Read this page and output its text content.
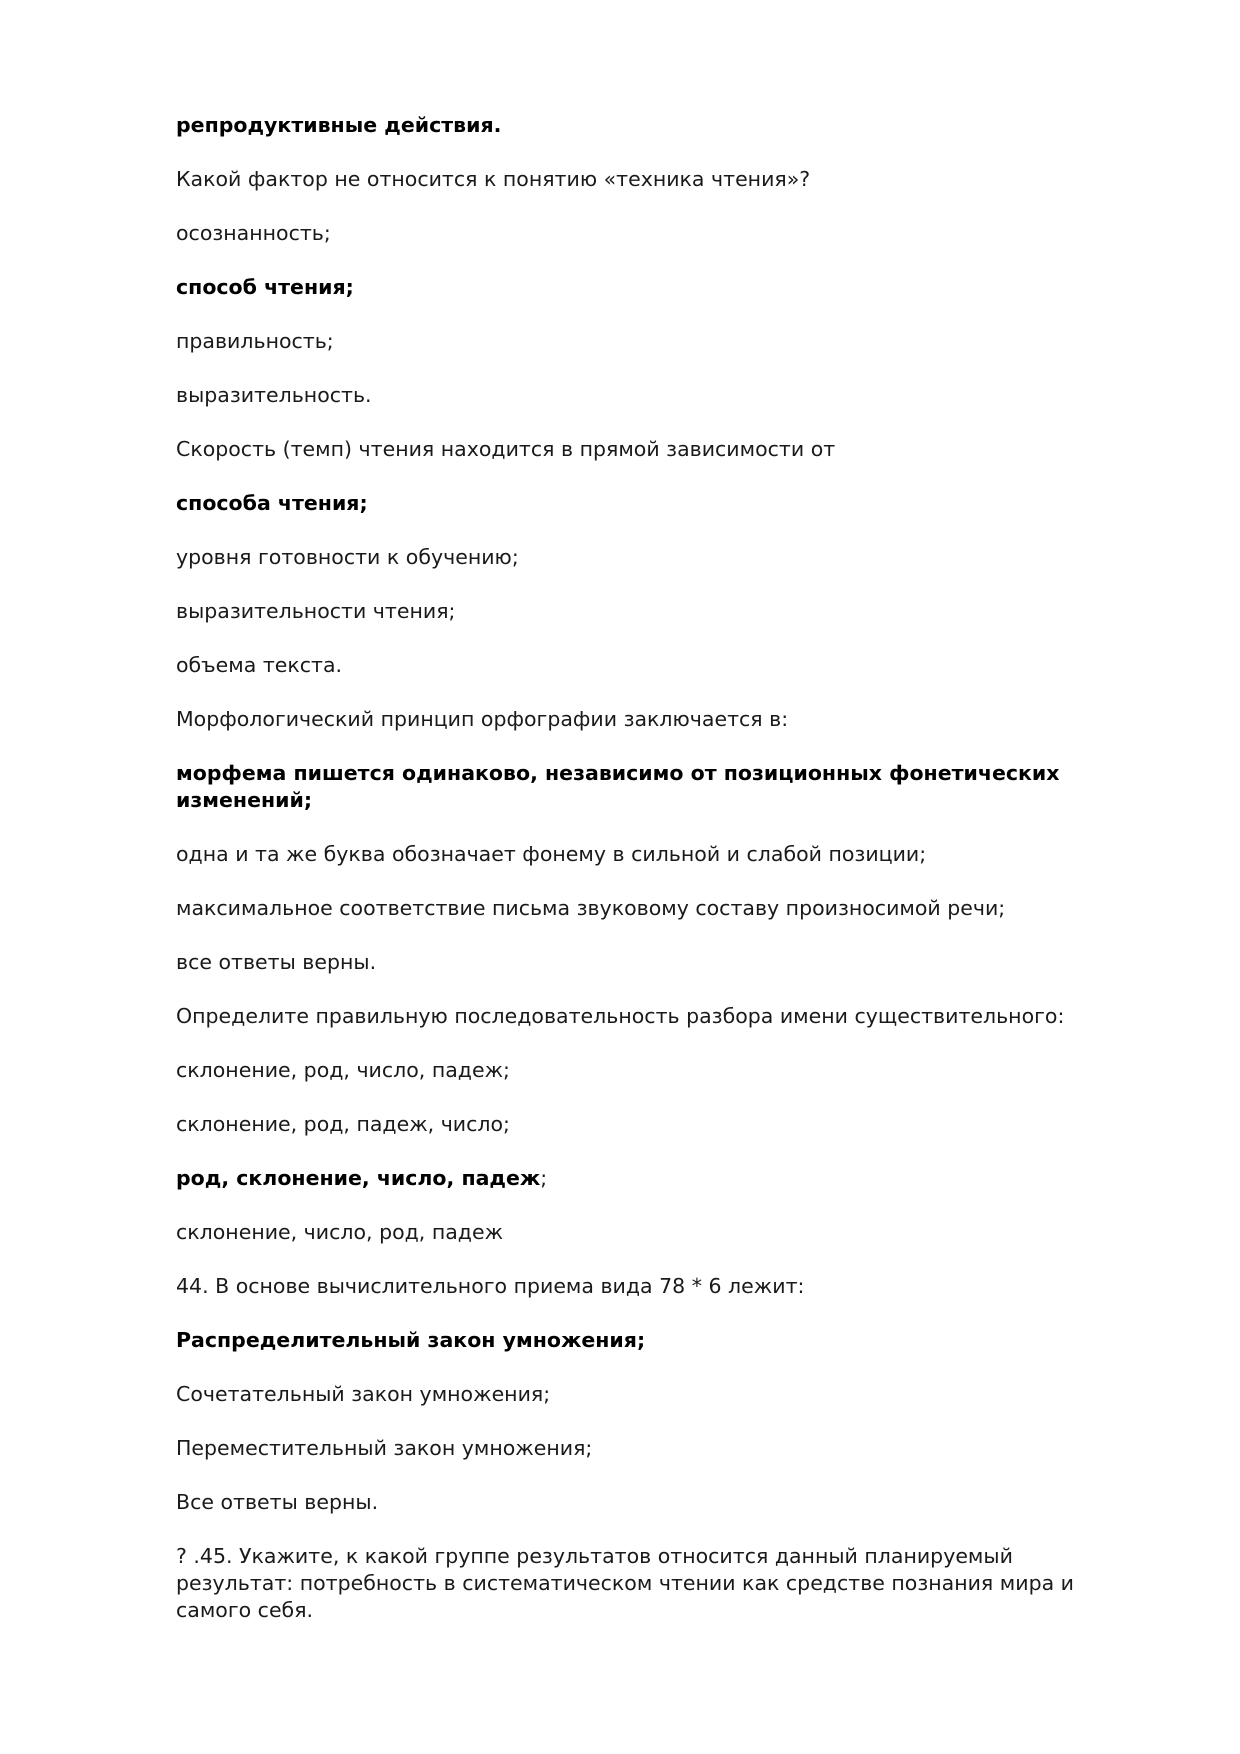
репродуктивные действия.

Какой фактор не относится к понятию «техника чтения»?

осознанность;

способ чтения;

правильность;

выразительность.

Скорость (темп) чтения находится в прямой зависимости от

способа чтения;

уровня готовности к обучению;

выразительности чтения;

объема текста.

Морфологический принцип орфографии заключается в:

морфема пишется одинаково, независимо от позиционных фонетических изменений;

одна и та же буква обозначает фонему в сильной и слабой позиции;

максимальное соответствие письма звуковому составу произносимой речи;

все ответы верны.

Определите правильную последовательность разбора имени существительного:

склонение, род, число, падеж;

склонение, род, падеж, число;

род, склонение, число, падеж;

склонение, число, род, падеж

44. В основе вычислительного приема вида 78 * 6 лежит:

Распределительный закон умножения;

Сочетательный закон умножения;

Переместительный закон умножения;

Все ответы верны.

? .45. Укажите, к какой группе результатов относится данный планируемый результат: потребность в систематическом чтении как средстве познания мира и самого себя.
